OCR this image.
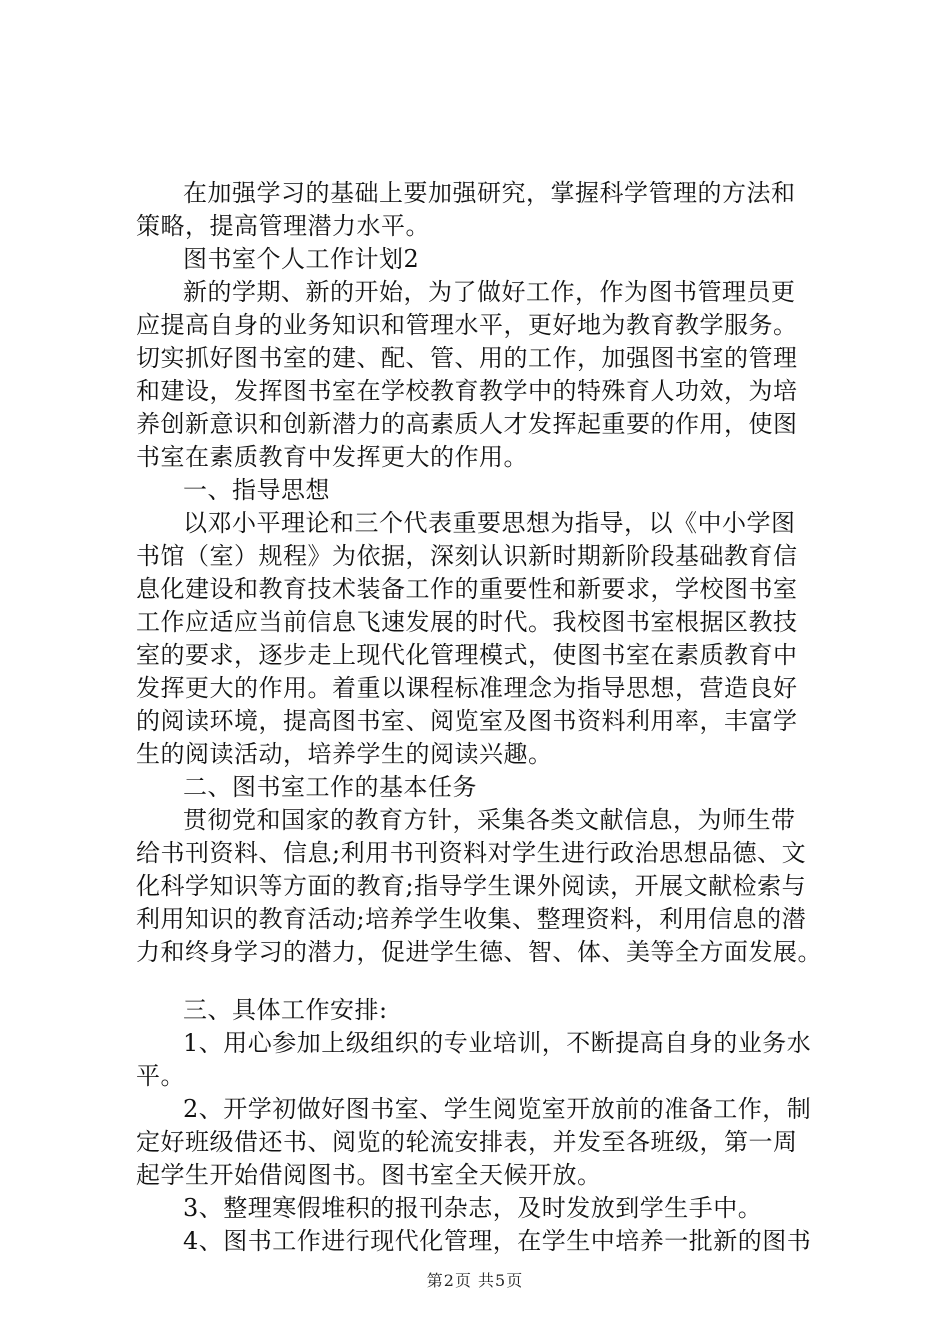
在加强学习的基础上要加强研究，掌握科学管理的方法和
策略，提高管理潜力水平。
图书室个人工作计划2
新的学期、新的开始，为了做好工作，作为图书管理员更
应提高自身的业务知识和管理水平，更好地为教育教学服务。
切实抓好图书室的建、配、管、用的工作，加强图书室的管理
和建设，发挥图书室在学校教育教学中的特殊育人功效，为培
养创新意识和创新潜力的高素质人才发挥起重要的作用，使图
书室在素质教育中发挥更大的作用。
一、指导思想
以邓小平理论和三个代表重要思想为指导，以《中小学图
书馆（室）规程》为依据，深刻认识新时期新阶段基础教育信
息化建设和教育技术装备工作的重要性和新要求，学校图书室
工作应适应当前信息飞速发展的时代。我校图书室根据区教技
室的要求，逐步走上现代化管理模式，使图书室在素质教育中
发挥更大的作用。着重以课程标准理念为指导思想，营造良好
的阅读环境，提高图书室、阅览室及图书资料利用率，丰富学
生的阅读活动，培养学生的阅读兴趣。
二、图书室工作的基本任务
贯彻党和国家的教育方针，采集各类文献信息，为师生带
给书刊资料、信息;利用书刊资料对学生进行政治思想品德、文
化科学知识等方面的教育;指导学生课外阅读，开展文献检索与
利用知识的教育活动;培养学生收集、整理资料，利用信息的潜
力和终身学习的潜力，促进学生德、智、体、美等全方面发展。
三、具体工作安排:
1、用心参加上级组织的专业培训，不断提高自身的业务水
平。
2、开学初做好图书室、学生阅览室开放前的准备工作，制
定好班级借还书、阅览的轮流安排表，并发至各班级，第一周
起学生开始借阅图书。图书室全天候开放。
3、整理寒假堆积的报刊杂志，及时发放到学生手中。
4、图书工作进行现代化管理，在学生中培养一批新的图书
第2页 共5页
